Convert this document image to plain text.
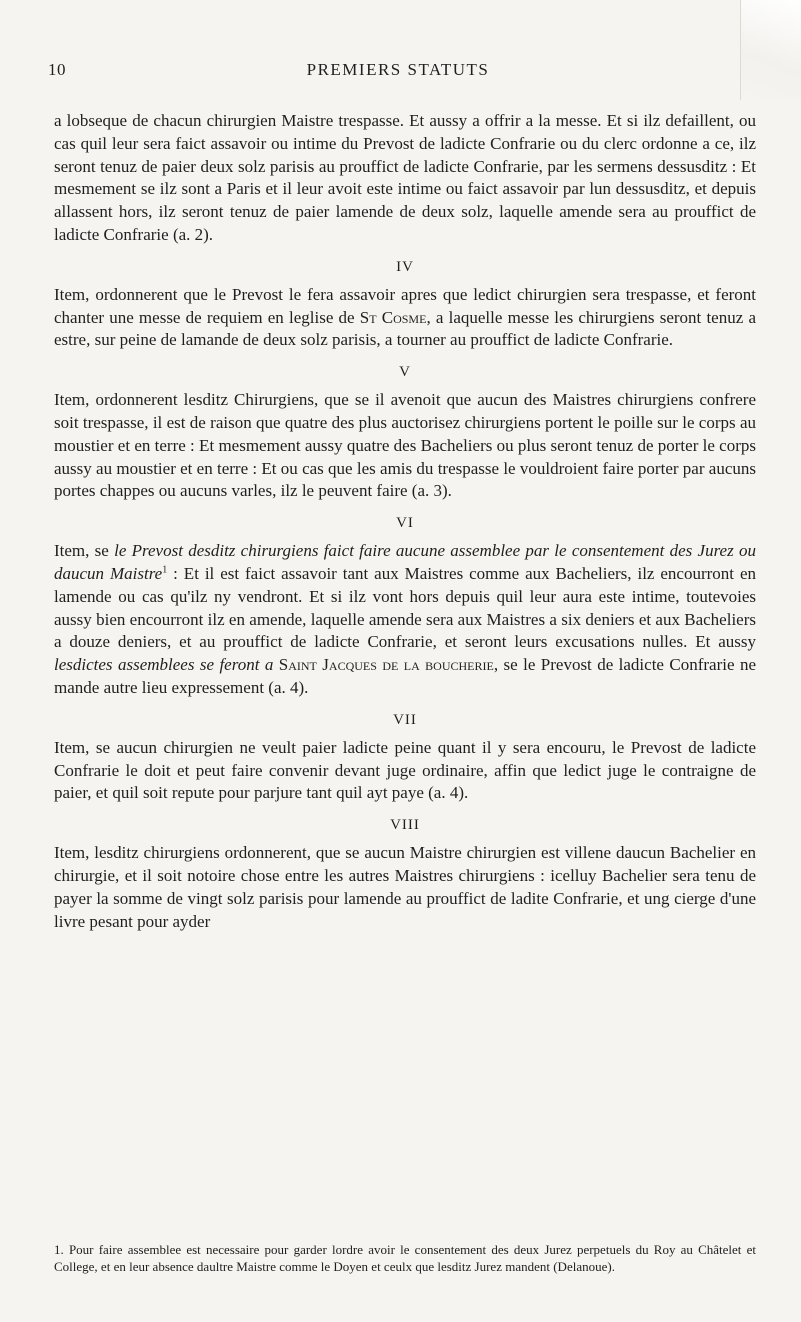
10	PREMIERS STATUTS

a lobseque de chacun chirurgien Maistre trespasse. Et aussy a offrir a la messe. Et si ilz defaillent, ou cas quil leur sera faict assavoir ou intime du Prevost de ladicte Confrarie ou du clerc ordonne a ce, ilz seront tenuz de paier deux solz parisis au prouffict de ladicte Confrarie, par les sermens dessusditz : Et mesmement se ilz sont a Paris et il leur avoit este intime ou faict assavoir par lun dessusditz, et depuis allassent hors, ilz seront tenuz de paier lamende de deux solz, laquelle amende sera au prouffict de ladicte Confrarie (a. 2).

IV

Item, ordonnerent que le Prevost le fera assavoir apres que ledict chirurgien sera trespasse, et feront chanter une messe de requiem en leglise de St Cosme, a laquelle messe les chirurgiens seront tenuz a estre, sur peine de lamande de deux solz parisis, a tourner au prouffict de ladicte Confrarie.

V

Item, ordonnerent lesditz Chirurgiens, que se il avenoit que aucun des Maistres chirurgiens confrere soit trespasse, il est de raison que quatre des plus auctorisez chirurgiens portent le poille sur le corps au moustier et en terre : Et mesmement aussy quatre des Bacheliers ou plus seront tenuz de porter le corps aussy au moustier et en terre : Et ou cas que les amis du trespasse le vouldroient faire porter par aucuns portes chappes ou aucuns varles, ilz le peuvent faire (a. 3).

VI

Item, se le Prevost desditz chirurgiens faict faire aucune assemblee par le consentement des Jurez ou daucun Maistre$^1$ : Et il est faict assavoir tant aux Maistres comme aux Bacheliers, ilz encourront en lamende ou cas qu'ilz ny vendront. Et si ilz vont hors depuis quil leur aura este intime, toutevoies aussy bien encourront ilz en amende, laquelle amende sera aux Maistres a six deniers et aux Bacheliers a douze deniers, et au prouffict de ladicte Confrarie, et seront leurs excusations nulles. Et aussy lesdictes assemblees se feront a Saint Jacques de la boucherie, se le Prevost de ladicte Confrarie ne mande autre lieu expressement (a. 4).

VII

Item, se aucun chirurgien ne veult paier ladicte peine quant il y sera encouru, le Prevost de ladicte Confrarie le doit et peut faire convenir devant juge ordinaire, affin que ledict juge le contraigne de paier, et quil soit repute pour parjure tant quil ayt paye (a. 4).

VIII

Item, lesditz chirurgiens ordonnerent, que se aucun Maistre chirurgien est villene daucun Bachelier en chirurgie, et il soit notoire chose entre les autres Maistres chirurgiens : icelluy Bachelier sera tenu de payer la somme de vingt solz parisis pour lamende au prouffict de ladite Confrarie, et ung cierge d'une livre pesant pour ayder

1. Pour faire assemblee est necessaire pour garder lordre avoir le consentement des deux Jurez perpetuels du Roy au Châtelet et College, et en leur absence daultre Maistre comme le Doyen et ceulx que lesditz Jurez mandent (Delanoue).
